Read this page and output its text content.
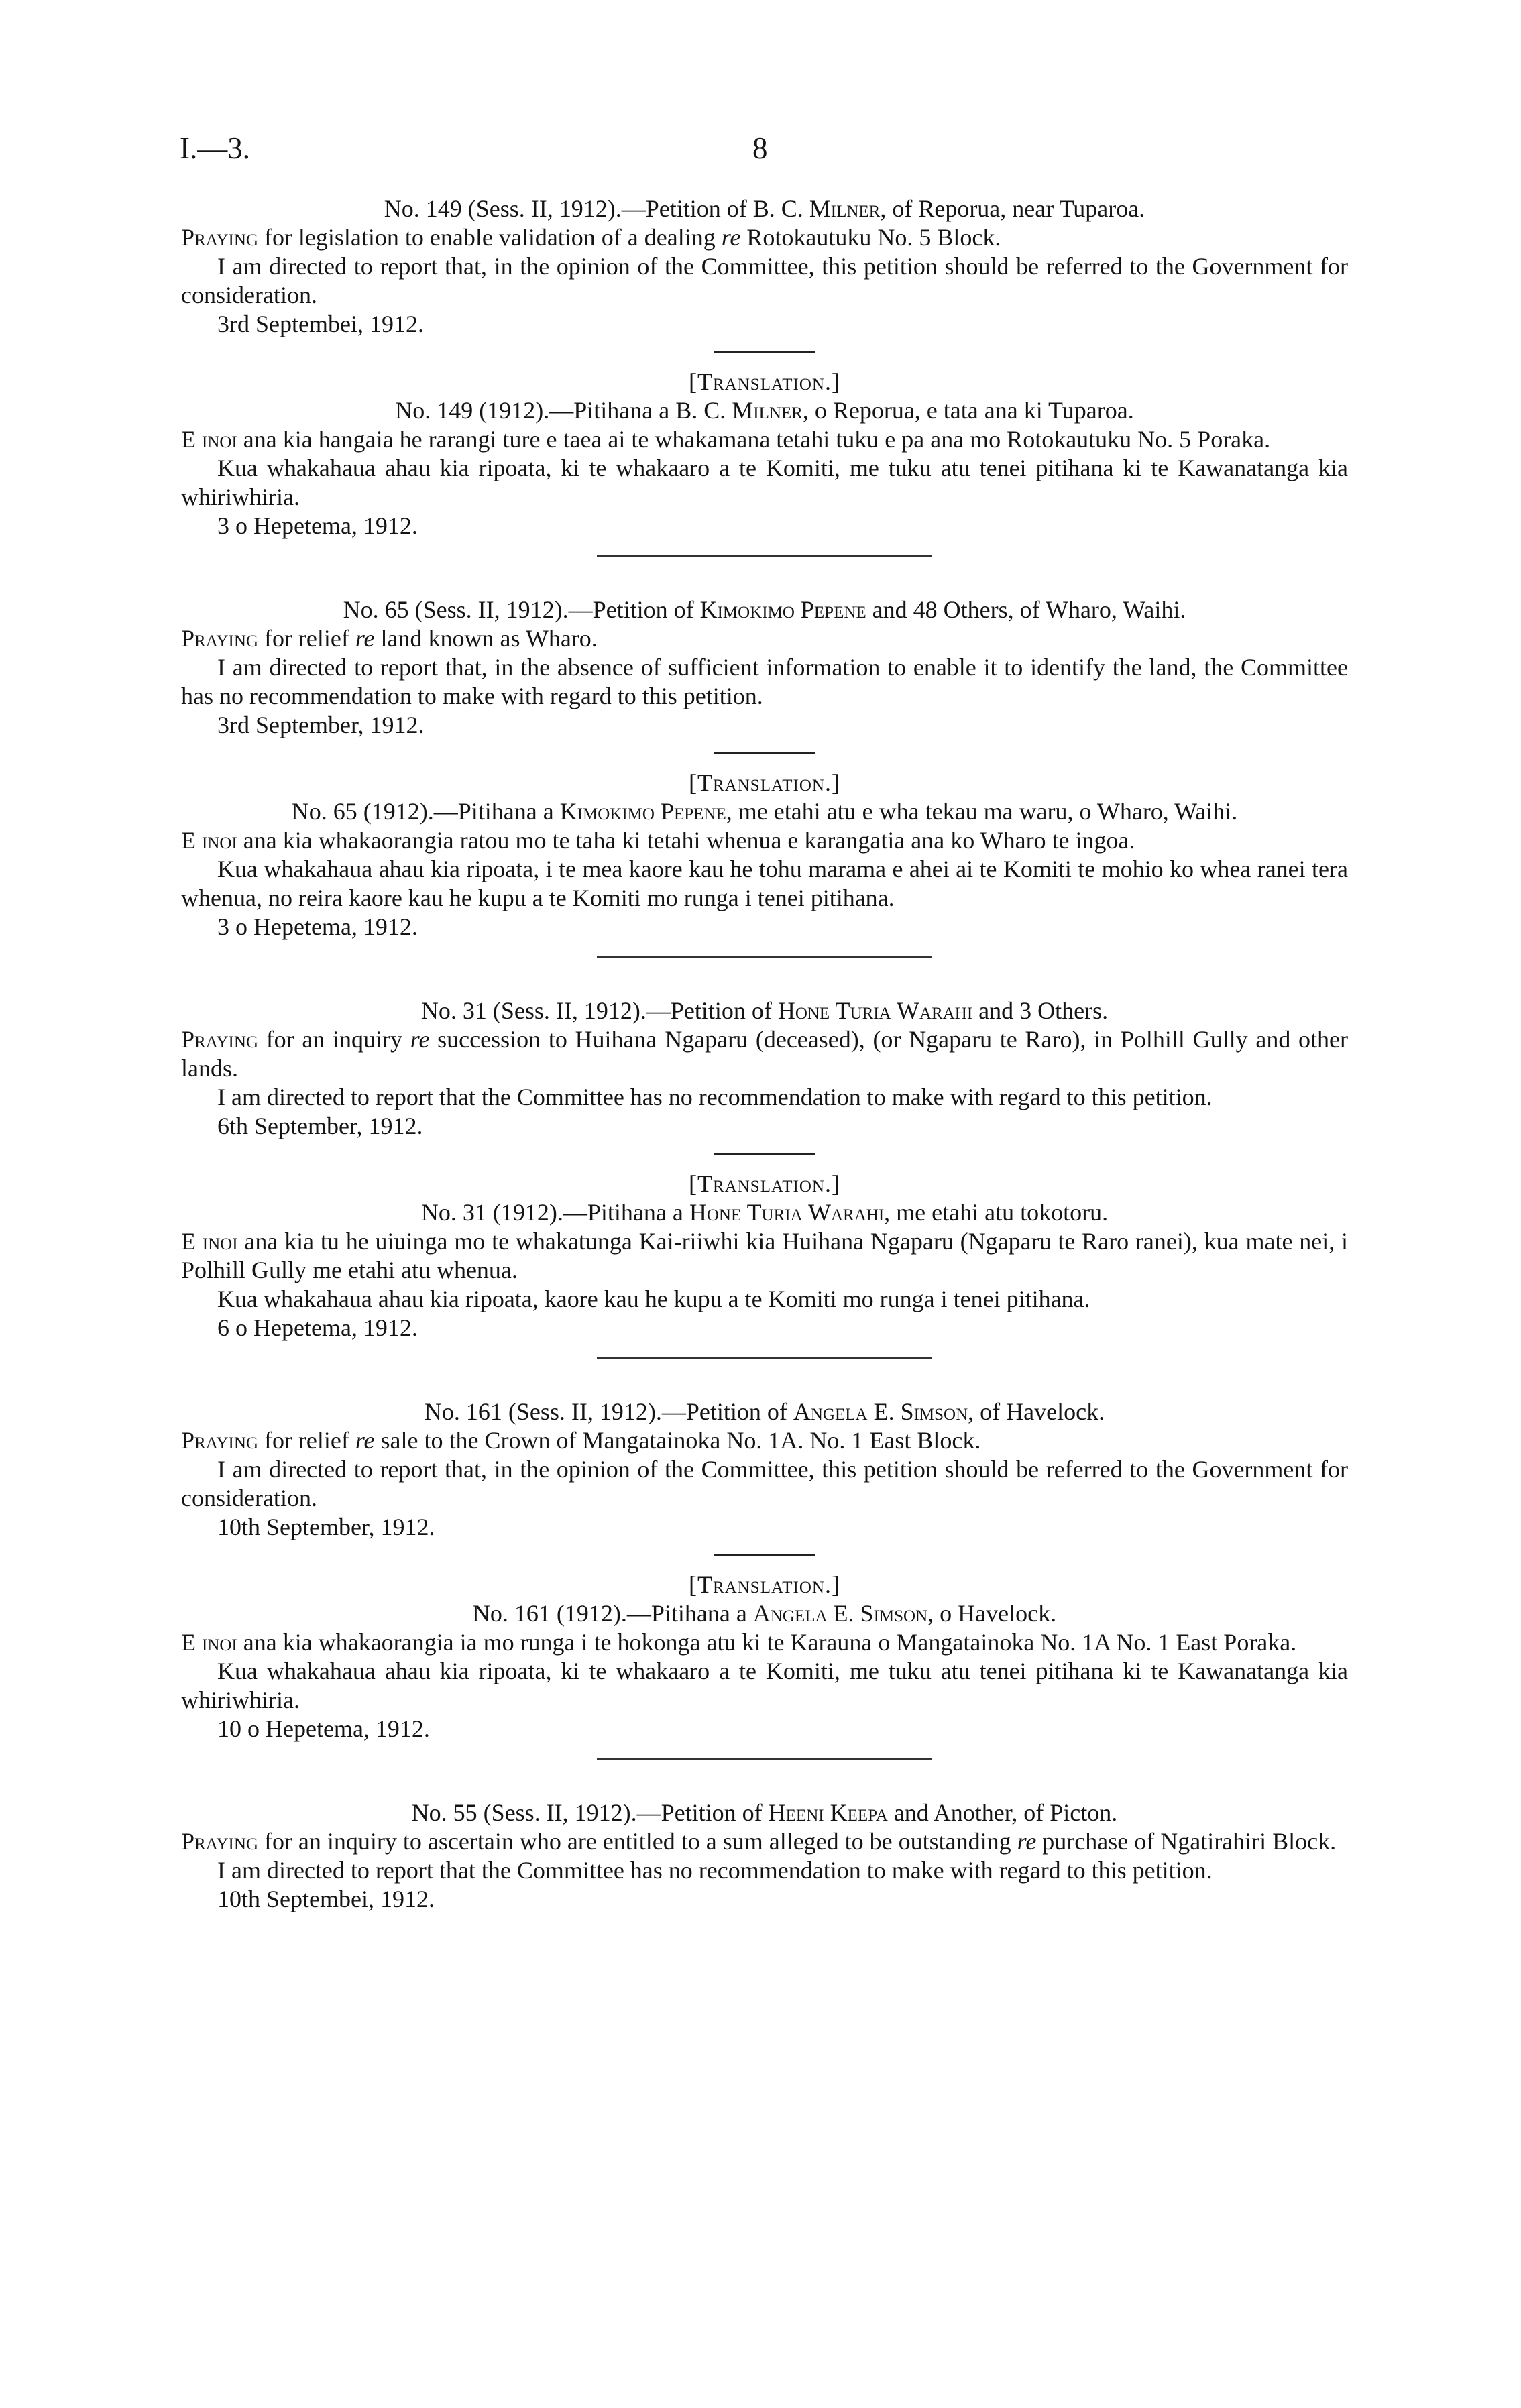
I.—3.	8

No. 149 (Sess. II, 1912).—Petition of B. C. Milner, of Reporua, near Tuparoa.

Praying for legislation to enable validation of a dealing re Rotokautuku No. 5 Block.

I am directed to report that, in the opinion of the Committee, this petition should be referred to the Government for consideration.

3rd Septembei, 1912.

[Translation.]

No. 149 (1912).—Pitihana a B. C. Milner, o Reporua, e tata ana ki Tuparoa.

E inoi ana kia hangaia he rarangi ture e taea ai te whakamana tetahi tuku e pa ana mo Rotokautuku No. 5 Poraka.

Kua whakahaua ahau kia ripoata, ki te whakaaro a te Komiti, me tuku atu tenei pitihana ki te Kawanatanga kia whiriwhiria.

3 o Hepetema, 1912.

No. 65 (Sess. II, 1912).—Petition of Kimokimo Pepene and 48 Others, of Wharo, Waihi.

Praying for relief re land known as Wharo.

I am directed to report that, in the absence of sufficient information to enable it to identify the land, the Committee has no recommendation to make with regard to this petition.

3rd September, 1912.

[Translation.]

No. 65 (1912).—Pitihana a Kimokimo Pepene, me etahi atu e wha tekau ma waru, o Wharo, Waihi.

E inoi ana kia whakaorangia ratou mo te taha ki tetahi whenua e karangatia ana ko Wharo te ingoa.

Kua whakahaua ahau kia ripoata, i te mea kaore kau he tohu marama e ahei ai te Komiti te mohio ko whea ranei tera whenua, no reira kaore kau he kupu a te Komiti mo runga i tenei pitihana.

3 o Hepetema, 1912.

No. 31 (Sess. II, 1912).—Petition of Hone Turia Warahi and 3 Others.

Praying for an inquiry re succession to Huihana Ngaparu (deceased), (or Ngaparu te Raro), in Polhill Gully and other lands.

I am directed to report that the Committee has no recommendation to make with regard to this petition.

6th September, 1912.

[Translation.]

No. 31 (1912).—Pitihana a Hone Turia Warahi, me etahi atu tokotoru.

E inoi ana kia tu he uiuinga mo te whakatunga Kai-riiwhi kia Huihana Ngaparu (Ngaparu te Raro ranei), kua mate nei, i Polhill Gully me etahi atu whenua.

Kua whakahaua ahau kia ripoata, kaore kau he kupu a te Komiti mo runga i tenei pitihana.

6 o Hepetema, 1912.

No. 161 (Sess. II, 1912).—Petition of Angela E. Simson, of Havelock.

Praying for relief re sale to the Crown of Mangatainoka No. 1A. No. 1 East Block.

I am directed to report that, in the opinion of the Committee, this petition should be referred to the Government for consideration.

10th September, 1912.

[Translation.]

No. 161 (1912).—Pitihana a Angela E. Simson, o Havelock.

E inoi ana kia whakaorangia ia mo runga i te hokonga atu ki te Karauna o Mangatainoka No. 1A No. 1 East Poraka.

Kua whakahaua ahau kia ripoata, ki te whakaaro a te Komiti, me tuku atu tenei pitihana ki te Kawanatanga kia whiriwhiria.

10 o Hepetema, 1912.

No. 55 (Sess. II, 1912).—Petition of Heeni Keepa and Another, of Picton.

Praying for an inquiry to ascertain who are entitled to a sum alleged to be outstanding re purchase of Ngatirahiri Block.

I am directed to report that the Committee has no recommendation to make with regard to this petition.

10th Septembei, 1912.
